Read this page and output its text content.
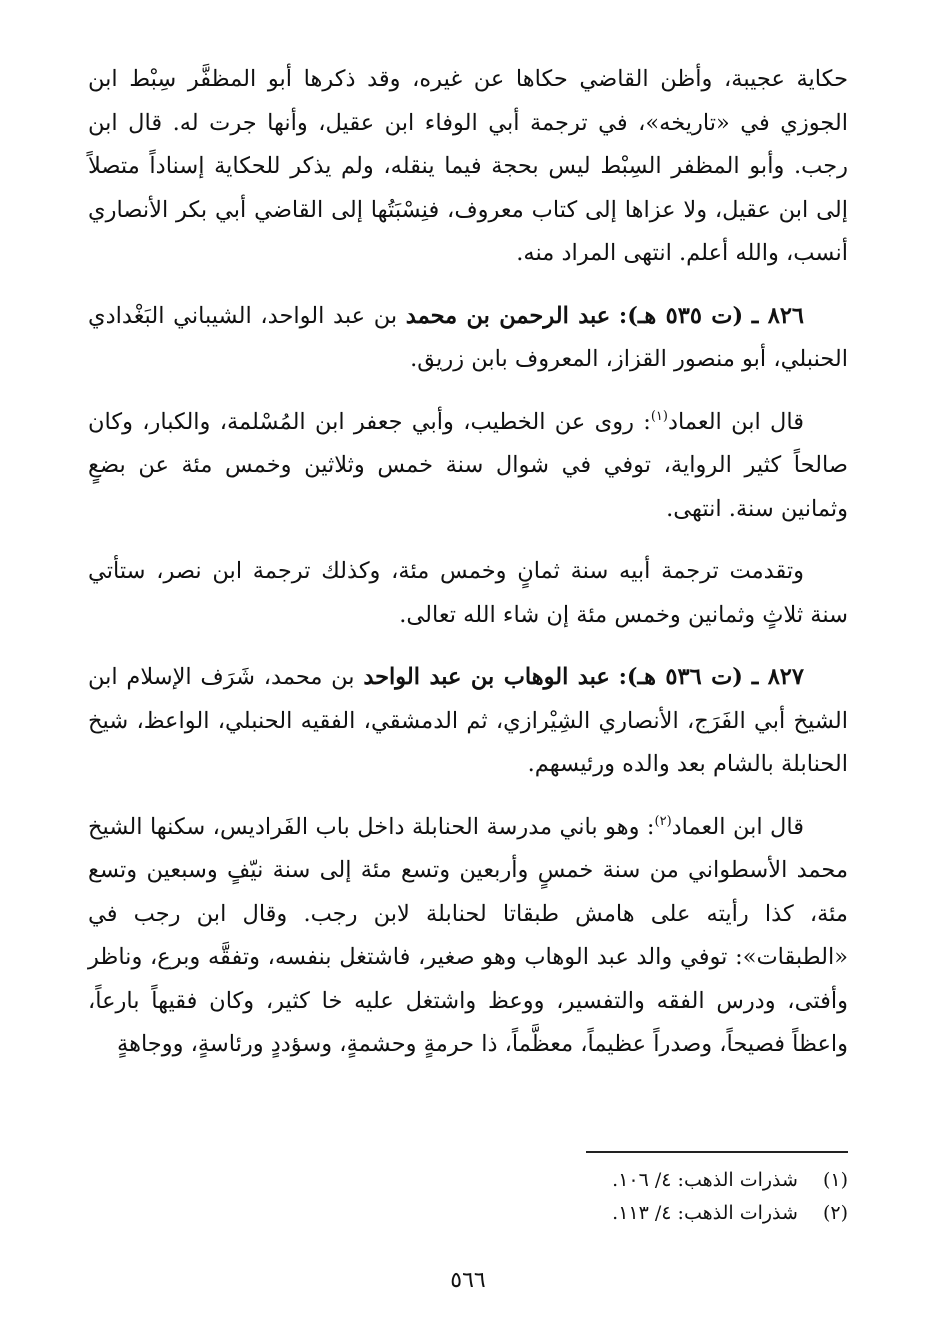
حكاية عجيبة، وأظن القاضي حكاها عن غيره، وقد ذكرها أبو المظفَّر سِبْط ابن الجوزي في «تاريخه»، في ترجمة أبي الوفاء ابن عقيل، وأنها جرت له. قال ابن رجب. وأبو المظفر السِبْط ليس بحجة فيما ينقله، ولم يذكر للحكاية إسناداً متصلاً إلى ابن عقيل، ولا عزاها إلى كتاب معروف، فنِسْبَتُها إلى القاضي أبي بكر الأنصاري أنسب، والله أعلم. انتهى المراد منه.

٨٢٦ ـ (ت ٥٣٥ هـ): عبد الرحمن بن محمد بن عبد الواحد، الشيباني البَغْدادي الحنبلي، أبو منصور القزاز، المعروف بابن زريق.

قال ابن العماد$^{(١)}$: روى عن الخطيب، وأبي جعفر ابن المُسْلمة، والكبار، وكان صالحاً كثير الرواية، توفي في شوال سنة خمس وثلاثين وخمس مئة عن بضعٍ وثمانين سنة. انتهى.

وتقدمت ترجمة أبيه سنة ثمانٍ وخمس مئة، وكذلك ترجمة ابن نصر، ستأتي سنة ثلاثٍ وثمانين وخمس مئة إن شاء الله تعالى.

٨٢٧ ـ (ت ٥٣٦ هـ): عبد الوهاب بن عبد الواحد بن محمد، شَرَف الإسلام ابن الشيخ أبي الفَرَج، الأنصاري الشِيْرازي، ثم الدمشقي، الفقيه الحنبلي، الواعظ، شيخ الحنابلة بالشام بعد والده ورئيسهم.

قال ابن العماد$^{(٢)}$: وهو باني مدرسة الحنابلة داخل باب الفَراديس، سكنها الشيخ محمد الأسطواني من سنة خمسٍ وأربعين وتسع مئة إلى سنة نيّفٍ وسبعين وتسع مئة، كذا رأيته على هامش طبقاتا لحنابلة لابن رجب. وقال ابن رجب في «الطبقات»: توفي والد عبد الوهاب وهو صغير، فاشتغل بنفسه، وتفقَّه وبرع، وناظر وأفتى، ودرس الفقه والتفسير، ووعظ واشتغل عليه خا كثير، وكان فقيهاً بارعاً، واعظاً فصيحاً، وصدراً عظيماً، معظَّماً، ذا حرمةٍ وحشمةٍ، وسؤددٍ ورئاسةٍ، ووجاهةٍ

(١) شذرات الذهب: ٤/ ١٠٦.
(٢) شذرات الذهب: ٤/ ١١٣.
٥٦٦
